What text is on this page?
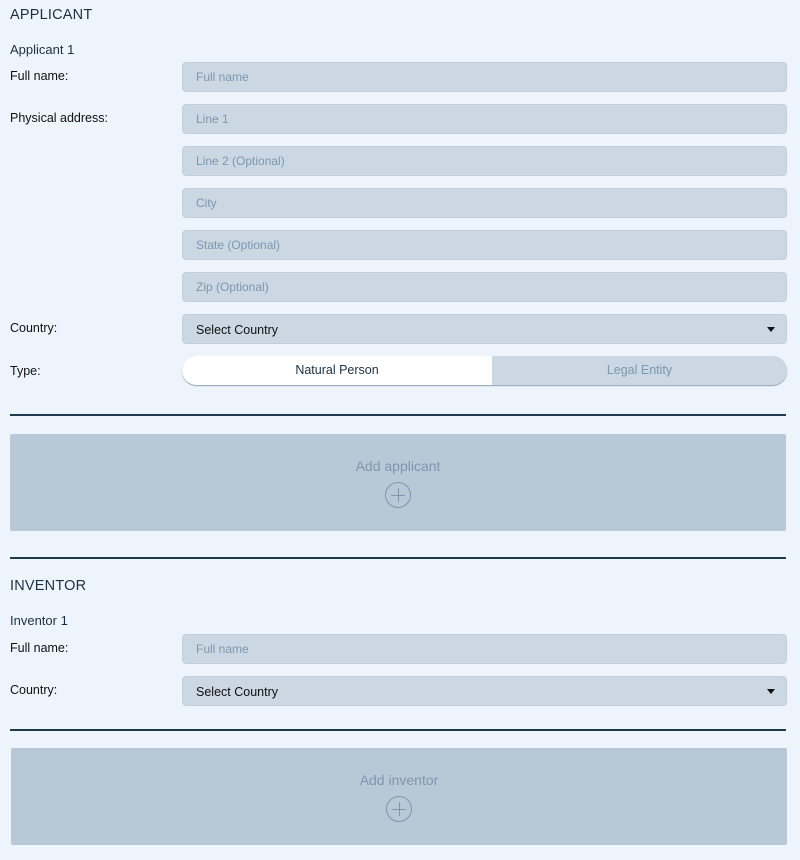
APPLICANT
Applicant 1
Full name:
Full name
Physical address:
Line 1
Line 2 (Optional)
City
State (Optional)
Zip (Optional)
Country:	Select Country
Type:	Natural Person	Legal Entity
Add applicant
INVENTOR
Inventor 1
Full name:
Full name
Country:	Select Country
Add inventor
